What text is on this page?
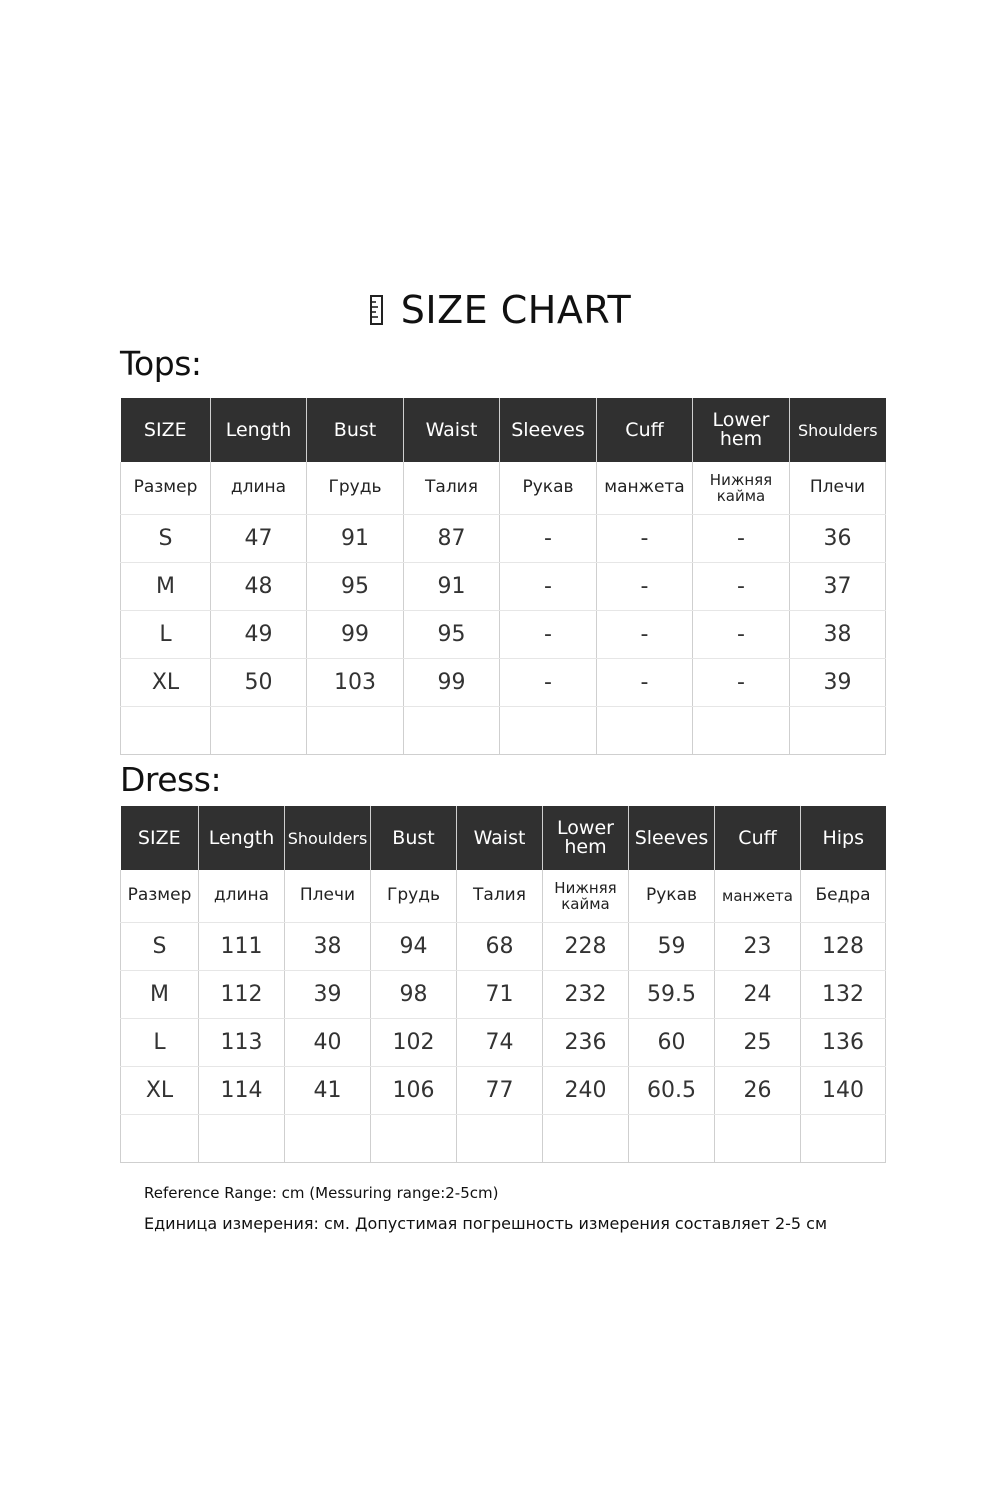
SIZE CHART
Tops:
SIZE	Length	Bust	Waist	Sleeves	Cuff	Lower hem	Shoulders
Размер	длина	Грудь	Талия	Рукав	манжета	Нижняя кайма	Плечи
S	47	91	87	-	-	-	36
M	48	95	91	-	-	-	37
L	49	99	95	-	-	-	38
XL	50	103	99	-	-	-	39

Dress:
SIZE	Length	Shoulders	Bust	Waist	Lower hem	Sleeves	Cuff	Hips
Размер	длина	Плечи	Грудь	Талия	Нижняя кайма	Рукав	манжета	Бедра
S	111	38	94	68	228	59	23	128
M	112	39	98	71	232	59.5	24	132
L	113	40	102	74	236	60	25	136
XL	114	41	106	77	240	60.5	26	140

Reference Range: cm (Messuring range:2-5cm)
Единица измерения: см. Допустимая погрешность измерения составляет 2-5 см
